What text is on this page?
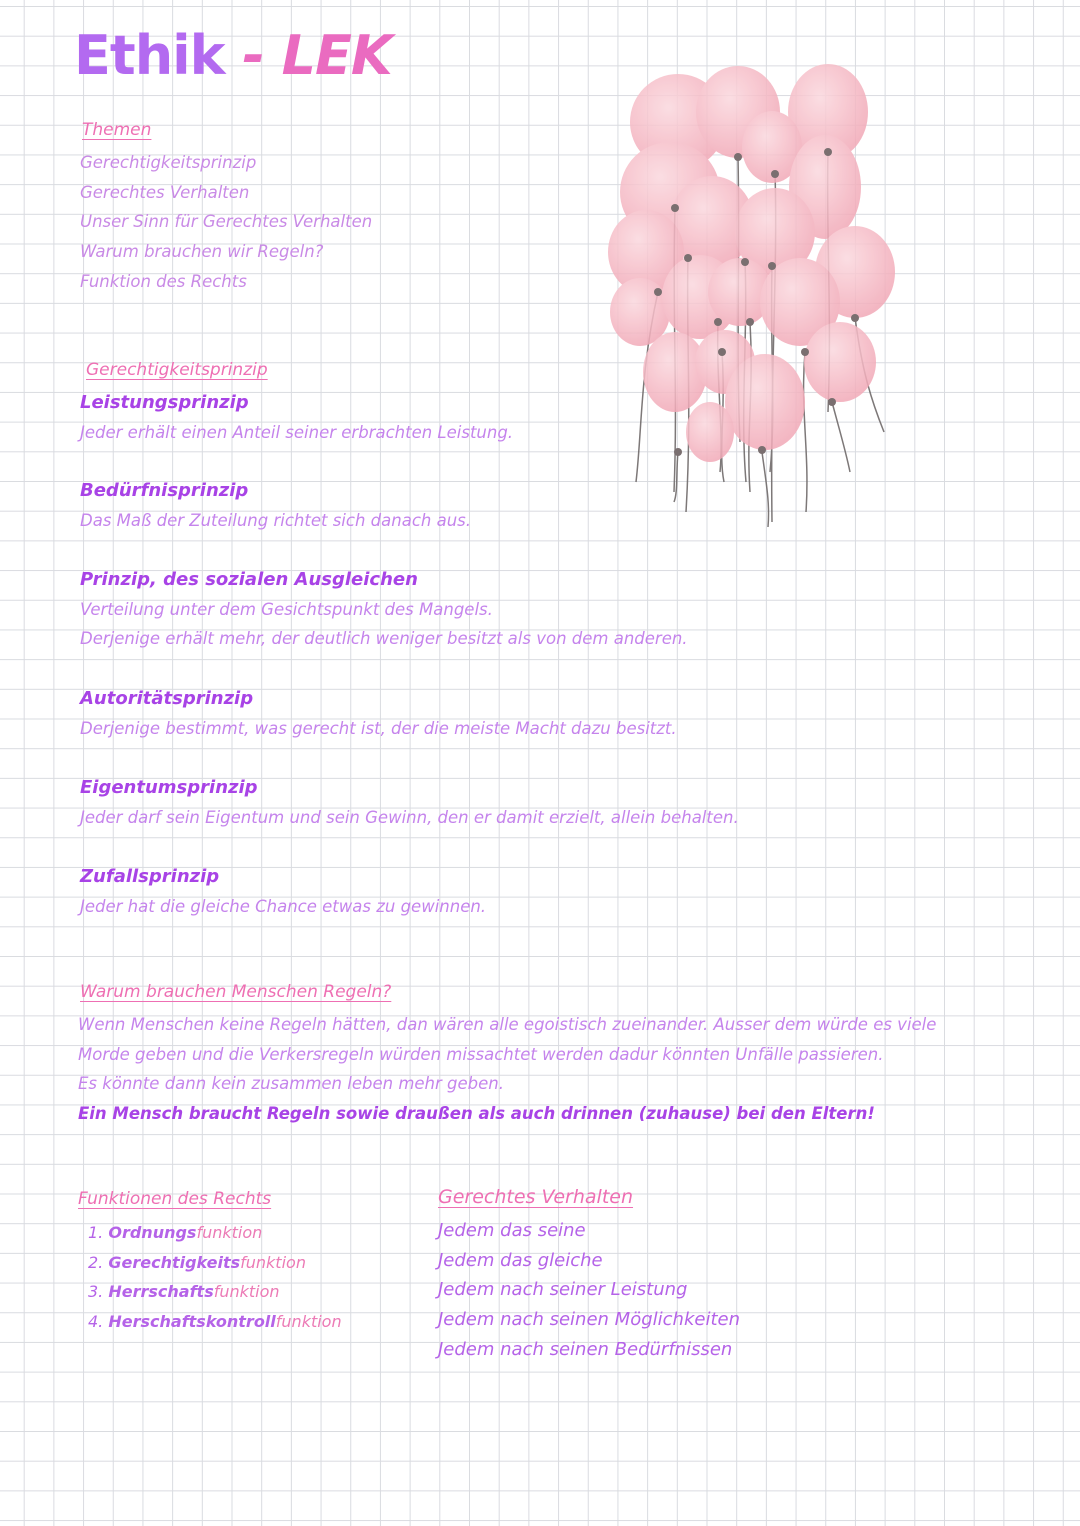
Ethik - LEK
Themen
Gerechtigkeitsprinzip
Gerechtes Verhalten
Unser Sinn für Gerechtes Verhalten
Warum brauchen wir Regeln?
Funktion des Rechts
Gerechtigkeitsprinzip
Leistungsprinzip
Jeder erhält einen Anteil seiner erbrachten Leistung.
Bedürfnisprinzip
Das Maß der Zuteilung richtet sich danach aus.
Prinzip, des sozialen Ausgleichen
Verteilung unter dem Gesichtspunkt des Mangels.
Derjenige erhält mehr, der deutlich weniger besitzt als von dem anderen.
Autoritätsprinzip
Derjenige bestimmt, was gerecht ist, der die meiste Macht dazu besitzt.
Eigentumsprinzip
Jeder darf sein Eigentum und sein Gewinn, den er damit erzielt, allein behalten.
Zufallsprinzip
Jeder hat die gleiche Chance etwas zu gewinnen.
Warum brauchen Menschen Regeln?
Wenn Menschen keine Regeln hätten, dan wären alle egoistisch zueinander. Ausser dem würde es viele
Morde geben und die Verkersregeln würden missachtet werden dadur könnten Unfälle passieren.
Es könnte dann kein zusammen leben mehr geben.
Ein Mensch braucht Regeln sowie draußen als auch drinnen (zuhause) bei den Eltern!
Funktionen des Rechts
1. Ordnungsfunktion
2. Gerechtigkeitsfunktion
3. Herrschaftsfunktion
4. Herschaftskontrollfunktion
Gerechtes Verhalten
Jedem das seine
Jedem das gleiche
Jedem nach seiner Leistung
Jedem nach seinen Möglichkeiten
Jedem nach seinen Bedürfnissen
